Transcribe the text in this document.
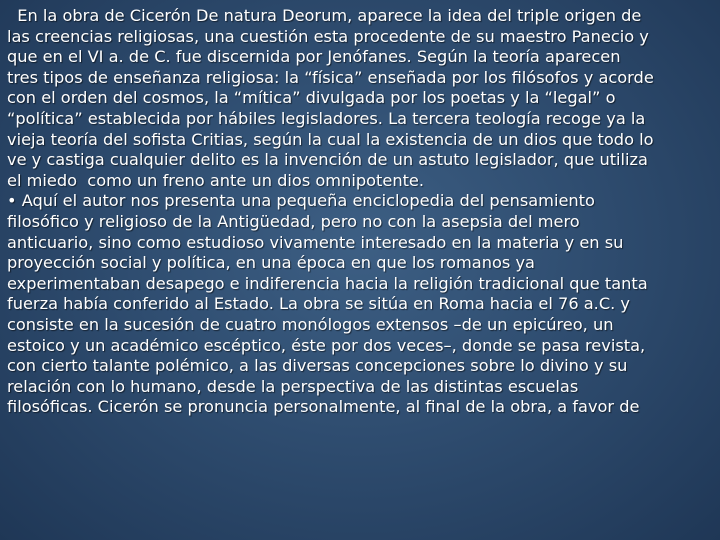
En la obra de Cicerón De natura Deorum, aparece la idea del triple origen de
las creencias religiosas, una cuestión esta procedente de su maestro Panecio y
que en el VI a. de C. fue discernida por Jenófanes. Según la teoría aparecen
tres tipos de enseñanza religiosa: la “física” enseñada por los filósofos y acorde
con el orden del cosmos, la “mítica” divulgada por los poetas y la “legal” o
“política” establecida por hábiles legisladores. La tercera teología recoge ya la
vieja teoría del sofista Critias, según la cual la existencia de un dios que todo lo
ve y castiga cualquier delito es la invención de un astuto legislador, que utiliza
el miedo  como un freno ante un dios omnipotente.
• Aquí el autor nos presenta una pequeña enciclopedia del pensamiento
filosófico y religioso de la Antigüedad, pero no con la asepsia del mero
anticuario, sino como estudioso vivamente interesado en la materia y en su
proyección social y política, en una época en que los romanos ya
experimentaban desapego e indiferencia hacia la religión tradicional que tanta
fuerza había conferido al Estado. La obra se sitúa en Roma hacia el 76 a.C. y
consiste en la sucesión de cuatro monólogos extensos –de un epicúreo, un
estoico y un académico escéptico, éste por dos veces–, donde se pasa revista,
con cierto talante polémico, a las diversas concepciones sobre lo divino y su
relación con lo humano, desde la perspectiva de las distintas escuelas
filosóficas. Cicerón se pronuncia personalmente, al final de la obra, a favor de
